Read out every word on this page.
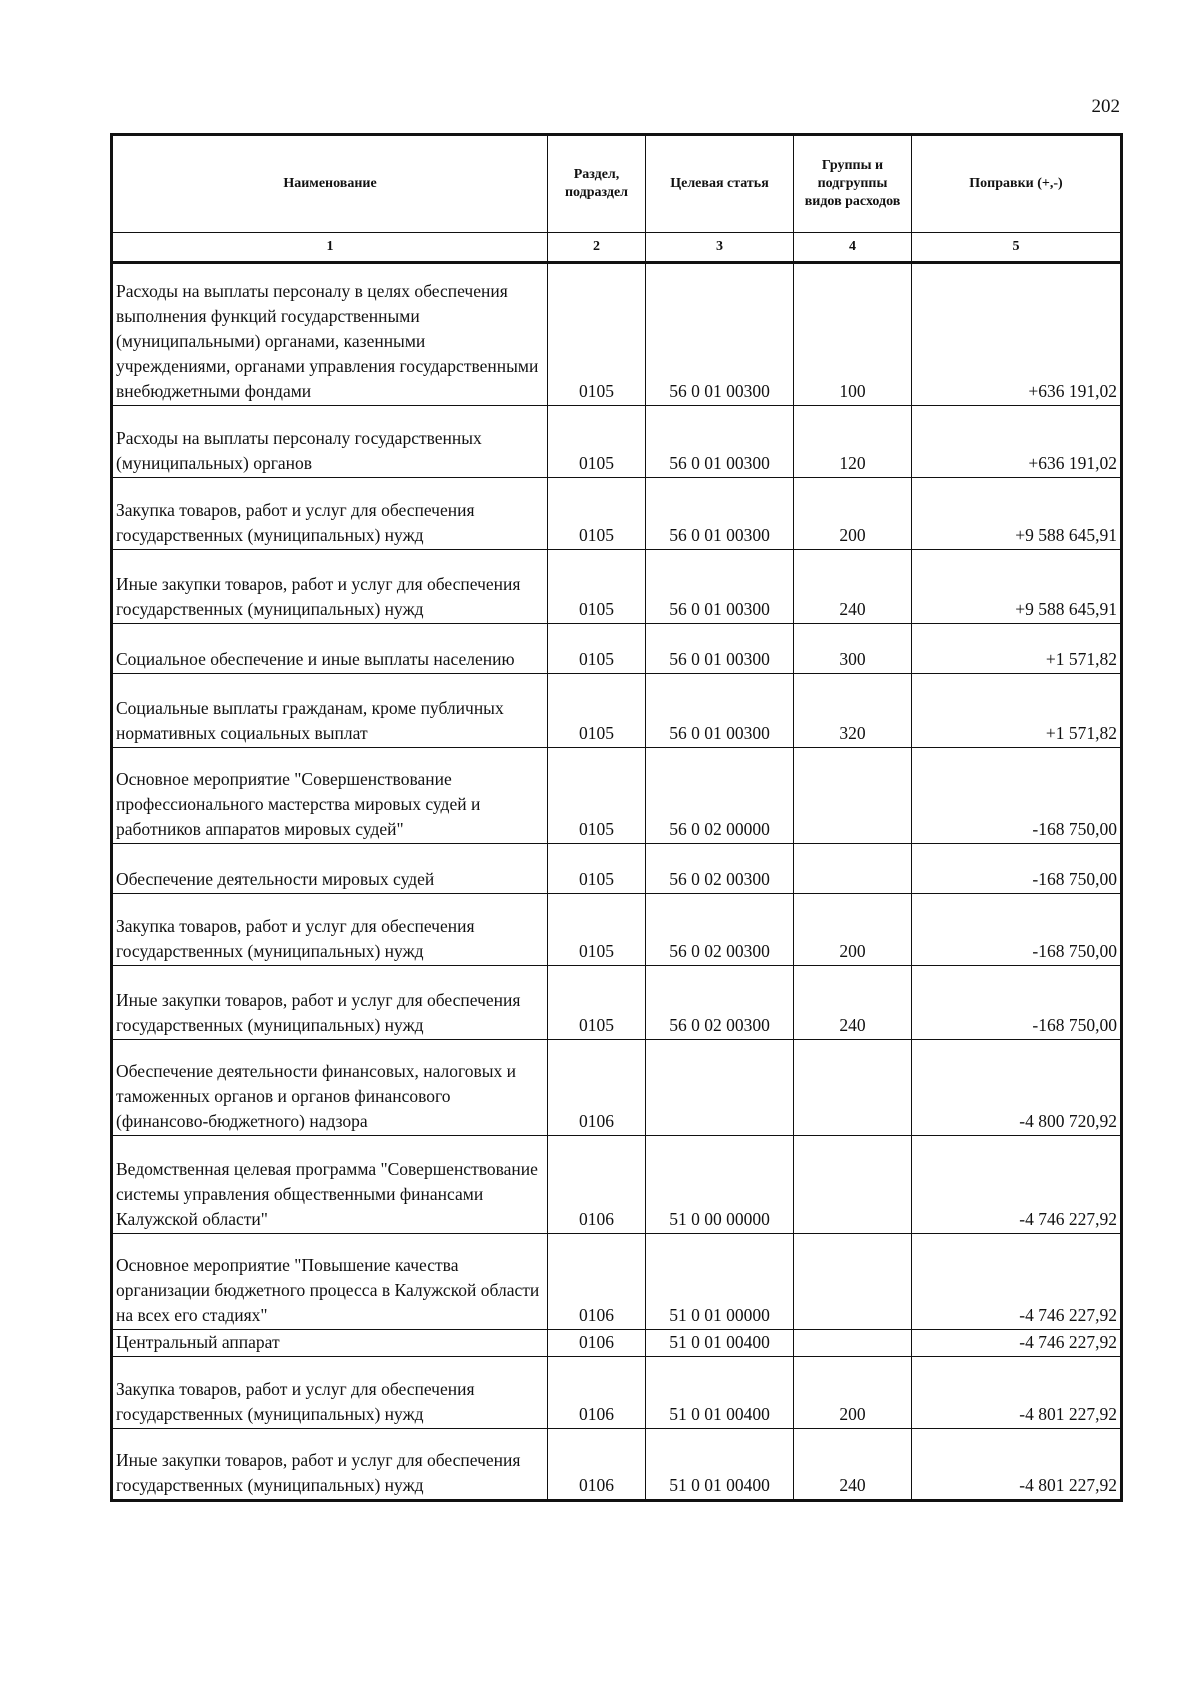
202
Наименование	Раздел, подраздел	Целевая статья	Группы и подгруппы видов расходов	Поправки (+,-)
1	2	3	4	5
Расходы на выплаты персоналу в целях обеспечения выполнения функций государственными (муниципальными) органами, казенными учреждениями, органами управления государственными внебюджетными фондами	0105	56 0 01 00300	100	+636 191,02
Расходы на выплаты персоналу государственных (муниципальных) органов	0105	56 0 01 00300	120	+636 191,02
Закупка товаров, работ и услуг для обеспечения государственных (муниципальных) нужд	0105	56 0 01 00300	200	+9 588 645,91
Иные закупки товаров, работ и услуг для обеспечения государственных (муниципальных) нужд	0105	56 0 01 00300	240	+9 588 645,91
Социальное обеспечение и иные выплаты населению	0105	56 0 01 00300	300	+1 571,82
Социальные выплаты гражданам, кроме публичных нормативных социальных выплат	0105	56 0 01 00300	320	+1 571,82
Основное мероприятие "Совершенствование профессионального мастерства мировых судей и работников аппаратов мировых судей"	0105	56 0 02 00000		-168 750,00
Обеспечение деятельности мировых судей	0105	56 0 02 00300		-168 750,00
Закупка товаров, работ и услуг для обеспечения государственных (муниципальных) нужд	0105	56 0 02 00300	200	-168 750,00
Иные закупки товаров, работ и услуг для обеспечения государственных (муниципальных) нужд	0105	56 0 02 00300	240	-168 750,00
Обеспечение деятельности финансовых, налоговых и таможенных органов и органов финансового (финансово-бюджетного) надзора	0106			-4 800 720,92
Ведомственная целевая программа "Совершенствование системы управления общественными финансами Калужской области"	0106	51 0 00 00000		-4 746 227,92
Основное мероприятие "Повышение качества организации бюджетного процесса в Калужской области на всех его стадиях"	0106	51 0 01 00000		-4 746 227,92
Центральный аппарат	0106	51 0 01 00400		-4 746 227,92
Закупка товаров, работ и услуг для обеспечения государственных (муниципальных) нужд	0106	51 0 01 00400	200	-4 801 227,92
Иные закупки товаров, работ и услуг для обеспечения государственных (муниципальных) нужд	0106	51 0 01 00400	240	-4 801 227,92
